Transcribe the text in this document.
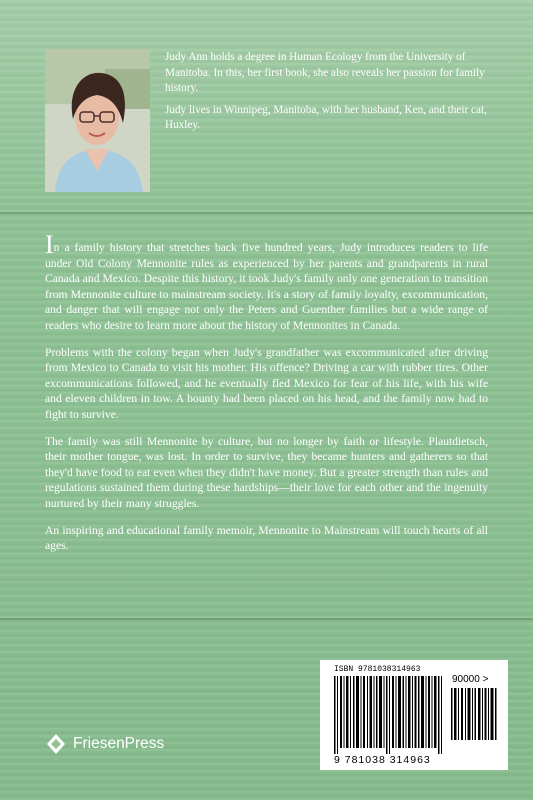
Judy Ann holds a degree in Human Ecology from the University of Manitoba. In this, her first book, she also reveals her passion for family history.

Judy lives in Winnipeg, Manitoba, with her husband, Ken, and their cat, Huxley.

In a family history that stretches back five hundred years, Judy introduces readers to life under Old Colony Mennonite rules as experienced by her parents and grandparents in rural Canada and Mexico. Despite this history, it took Judy's family only one generation to transition from Mennonite culture to mainstream society. It's a story of family loyalty, excommunication, and danger that will engage not only the Peters and Guenther families but a wide range of readers who desire to learn more about the history of Mennonites in Canada.

Problems with the colony began when Judy's grandfather was excommunicated after driving from Mexico to Canada to visit his mother. His offence? Driving a car with rubber tires. Other excommunications followed, and he eventually fled Mexico for fear of his life, with his wife and eleven children in tow. A bounty had been placed on his head, and the family now had to fight to survive.

The family was still Mennonite by culture, but no longer by faith or lifestyle. Plautdietsch, their mother tongue, was lost. In order to survive, they became hunters and gatherers so that they'd have food to eat even when they didn't have money. But a greater strength than rules and regulations sustained them during these hardships—their love for each other and the ingenuity nurtured by their many struggles.

An inspiring and educational family memoir, Mennonite to Mainstream will touch hearts of all ages.

FriesenPress
ISBN 9781038314963
90000 >
9 781038 314963
